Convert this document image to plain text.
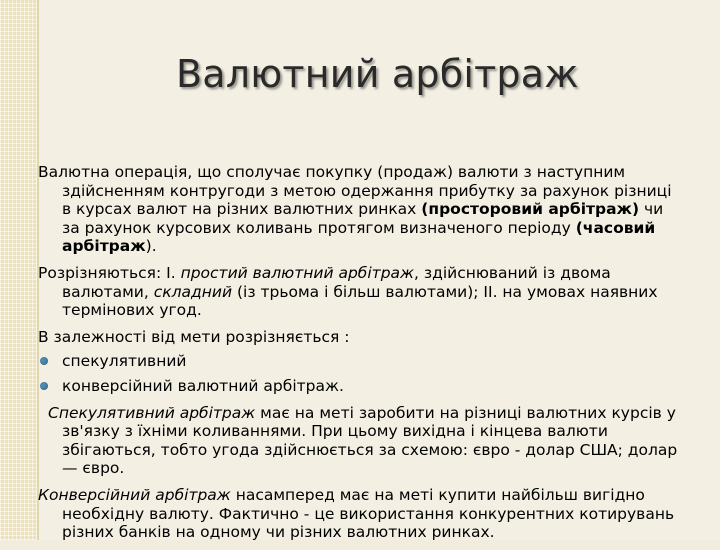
Валютний арбітраж

Валютна операція, що сполучає покупку (продаж) валюти з наступним здійсненням контругоди з метою одержання прибутку за рахунок різниці в курсах валют на різних валютних ринках (просторовий арбітраж) чи за рахунок курсових коливань протягом визначеного періоду (часовий арбітраж).

Розрізняються: І. простий валютний арбітраж, здійснюваний із двома валютами, складний (із трьома і більш валютами); II. на умовах наявних термінових угод.

В залежності від мети розрізняється :

спекулятивний

конверсійний валютний арбітраж.

Спекулятивний арбітраж має на меті заробити на різниці валютних курсів у зв'язку з їхніми коливаннями. При цьому вихідна і кінцева валюти збігаються, тобто угода здійснюється за схемою: євро - долар США; долар — євро.

Конверсійний арбітраж насамперед має на меті купити найбільш вигідно необхідну валюту. Фактично - це використання конкурентних котирувань різних банків на одному чи різних валютних ринках.
